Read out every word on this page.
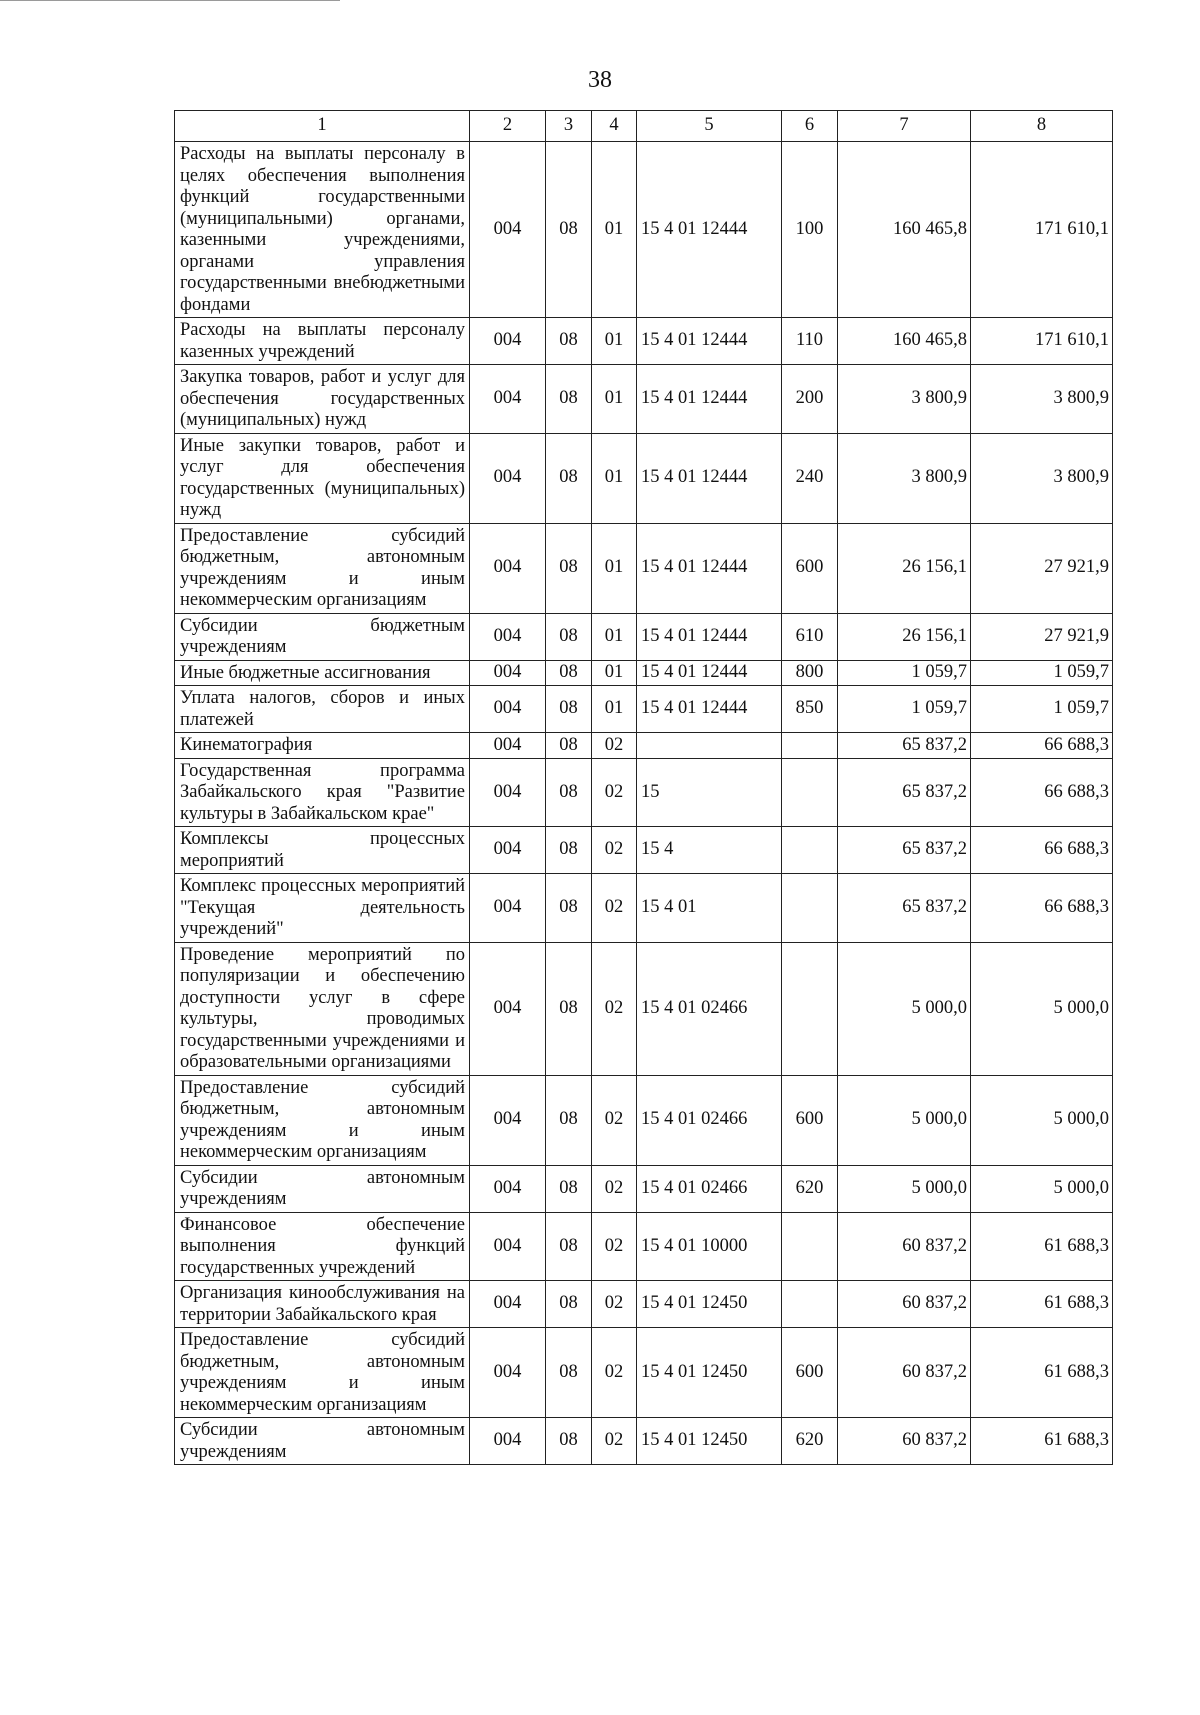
38
1	2	3	4	5	6	7	8
Расходы на выплаты персоналу в целях обеспечения выполнения функций государственными (муниципальными) органами, казенными учреждениями, органами управления государственными внебюджетными фондами	004	08	01	15 4 01 12444	100	160 465,8	171 610,1
Расходы на выплаты персоналу казенных учреждений	004	08	01	15 4 01 12444	110	160 465,8	171 610,1
Закупка товаров, работ и услуг для обеспечения государственных (муниципальных) нужд	004	08	01	15 4 01 12444	200	3 800,9	3 800,9
Иные закупки товаров, работ и услуг для обеспечения государственных (муниципальных) нужд	004	08	01	15 4 01 12444	240	3 800,9	3 800,9
Предоставление субсидий бюджетным, автономным учреждениям и иным некоммерческим организациям	004	08	01	15 4 01 12444	600	26 156,1	27 921,9
Субсидии бюджетным учреждениям	004	08	01	15 4 01 12444	610	26 156,1	27 921,9
Иные бюджетные ассигнования	004	08	01	15 4 01 12444	800	1 059,7	1 059,7
Уплата налогов, сборов и иных платежей	004	08	01	15 4 01 12444	850	1 059,7	1 059,7
Кинематография	004	08	02			65 837,2	66 688,3
Государственная программа Забайкальского края "Развитие культуры в Забайкальском крае"	004	08	02	15		65 837,2	66 688,3
Комплексы процессных мероприятий	004	08	02	15 4		65 837,2	66 688,3
Комплекс процессных мероприятий "Текущая деятельность учреждений"	004	08	02	15 4 01		65 837,2	66 688,3
Проведение мероприятий по популяризации и обеспечению доступности услуг в сфере культуры, проводимых государственными учреждениями и образовательными организациями	004	08	02	15 4 01 02466		5 000,0	5 000,0
Предоставление субсидий бюджетным, автономным учреждениям и иным некоммерческим организациям	004	08	02	15 4 01 02466	600	5 000,0	5 000,0
Субсидии автономным учреждениям	004	08	02	15 4 01 02466	620	5 000,0	5 000,0
Финансовое обеспечение выполнения функций государственных учреждений	004	08	02	15 4 01 10000		60 837,2	61 688,3
Организация кинообслуживания на территории Забайкальского края	004	08	02	15 4 01 12450		60 837,2	61 688,3
Предоставление субсидий бюджетным, автономным учреждениям и иным некоммерческим организациям	004	08	02	15 4 01 12450	600	60 837,2	61 688,3
Субсидии автономным учреждениям	004	08	02	15 4 01 12450	620	60 837,2	61 688,3
